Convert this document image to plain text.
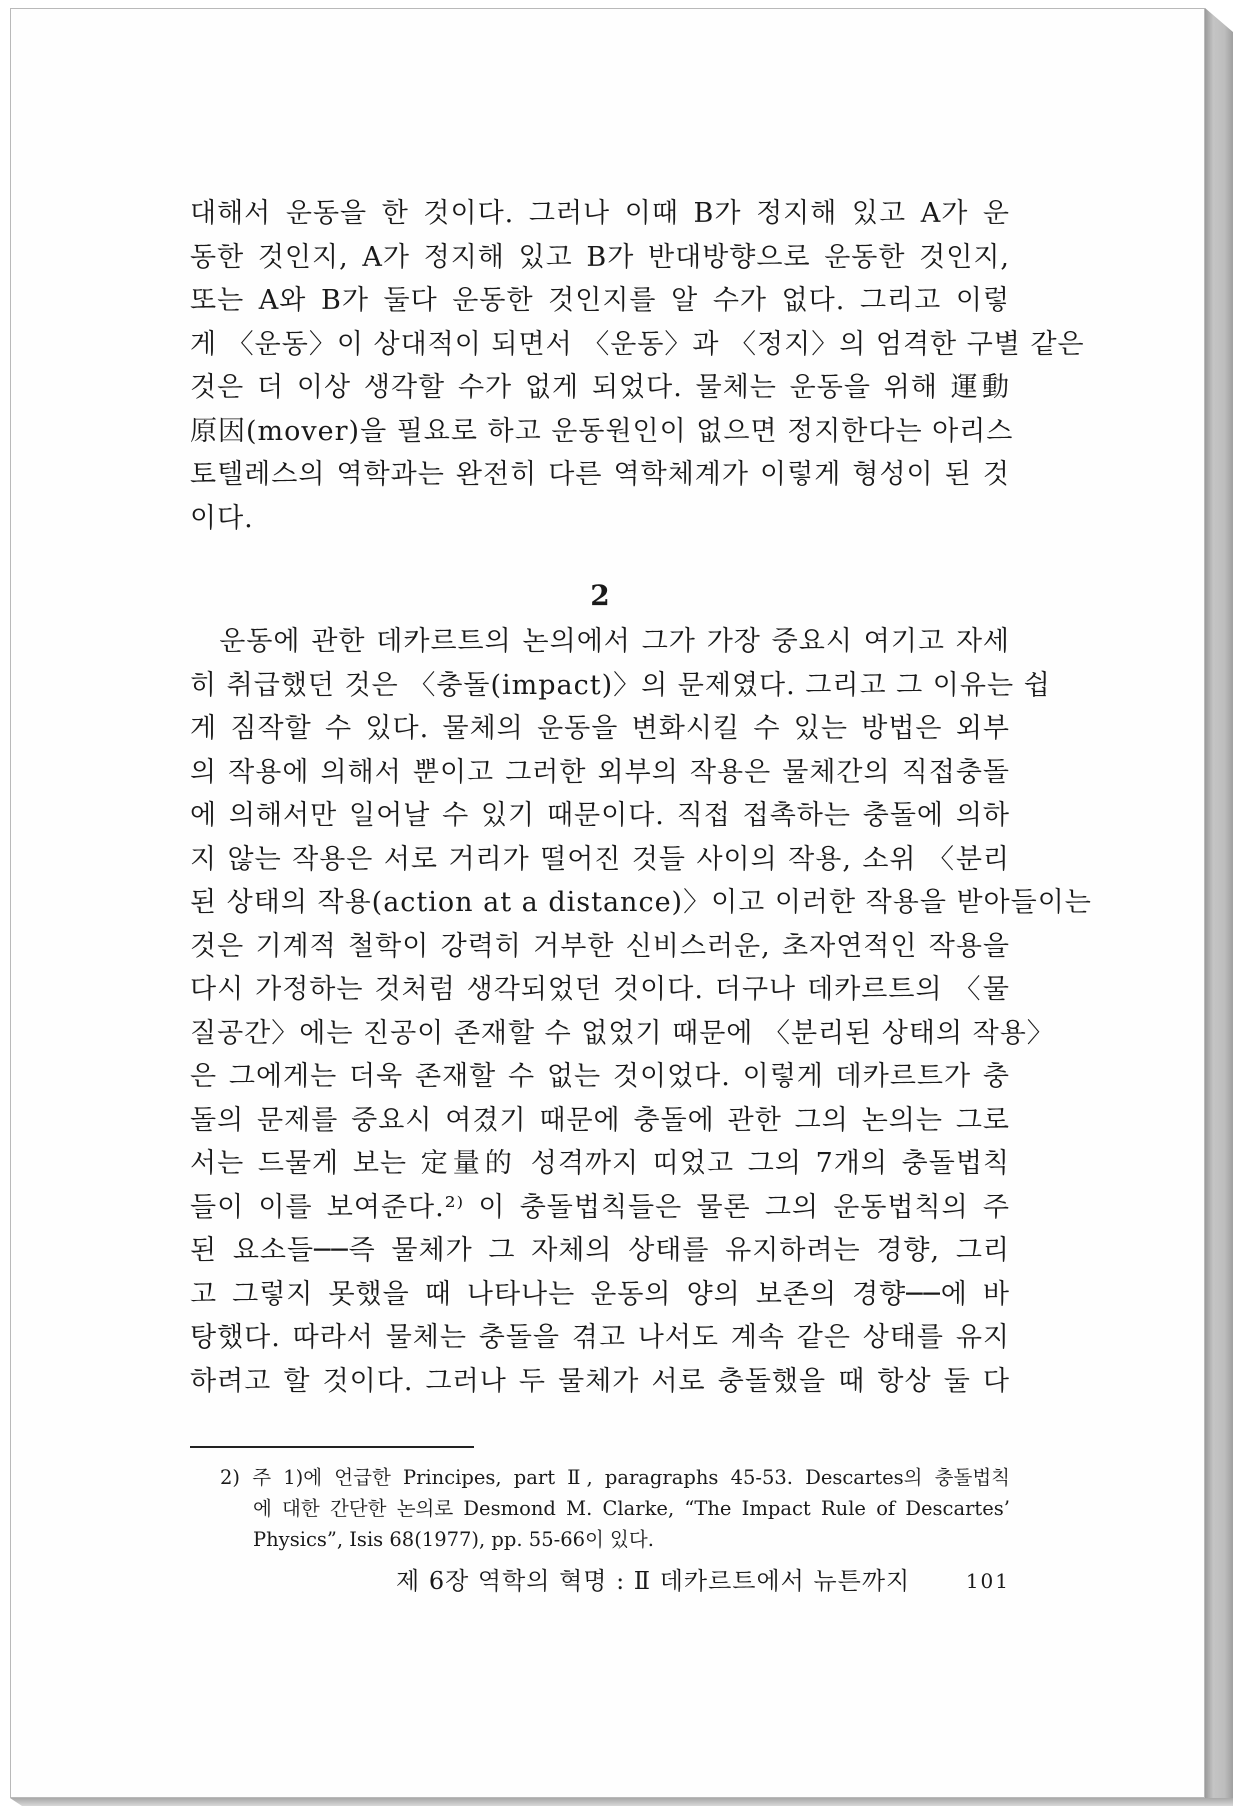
대해서 운동을 한 것이다. 그러나 이때 B가 정지해 있고 A가 운
동한 것인지, A가 정지해 있고 B가 반대방향으로 운동한 것인지,
또는 A와 B가 둘다 운동한 것인지를 알 수가 없다. 그리고 이렇
게 〈운동〉이 상대적이 되면서 〈운동〉과 〈정지〉의 엄격한 구별 같은
것은 더 이상 생각할 수가 없게 되었다. 물체는 운동을 위해 運動
原因(mover)을 필요로 하고 운동원인이 없으면 정지한다는 아리스
토텔레스의 역학과는 완전히 다른 역학체계가 이렇게 형성이 된 것
이다.
2
　운동에 관한 데카르트의 논의에서 그가 가장 중요시 여기고 자세
히 취급했던 것은 〈충돌(impact)〉의 문제였다. 그리고 그 이유는 쉽
게 짐작할 수 있다. 물체의 운동을 변화시킬 수 있는 방법은 외부
의 작용에 의해서 뿐이고 그러한 외부의 작용은 물체간의 직접충돌
에 의해서만 일어날 수 있기 때문이다. 직접 접촉하는 충돌에 의하
지 않는 작용은 서로 거리가 떨어진 것들 사이의 작용, 소위 〈분리
된 상태의 작용(action at a distance)〉이고 이러한 작용을 받아들이는
것은 기계적 철학이 강력히 거부한 신비스러운, 초자연적인 작용을
다시 가정하는 것처럼 생각되었던 것이다. 더구나 데카르트의 〈물
질공간〉에는 진공이 존재할 수 없었기 때문에 〈분리된 상태의 작용〉
은 그에게는 더욱 존재할 수 없는 것이었다. 이렇게 데카르트가 충
돌의 문제를 중요시 여겼기 때문에 충돌에 관한 그의 논의는 그로
서는 드물게 보는 定量的 성격까지 띠었고 그의 7개의 충돌법칙
들이 이를 보여준다.²⁾ 이 충돌법칙들은 물론 그의 운동법칙의 주
된 요소들──즉 물체가 그 자체의 상태를 유지하려는 경향, 그리
고 그렇지 못했을 때 나타나는 운동의 양의 보존의 경향──에 바
탕했다. 따라서 물체는 충돌을 겪고 나서도 계속 같은 상태를 유지
하려고 할 것이다. 그러나 두 물체가 서로 충돌했을 때 항상 둘 다
2) 주 1)에 언급한 Principes, part Ⅱ, paragraphs 45-53. Descartes의 충돌법칙
에 대한 간단한 논의로 Desmond M. Clarke, “The Impact Rule of Descartes’
Physics”, Isis 68(1977), pp. 55-66이 있다.
제 6장 역학의 혁명 : Ⅱ 데카르트에서 뉴튼까지	101
